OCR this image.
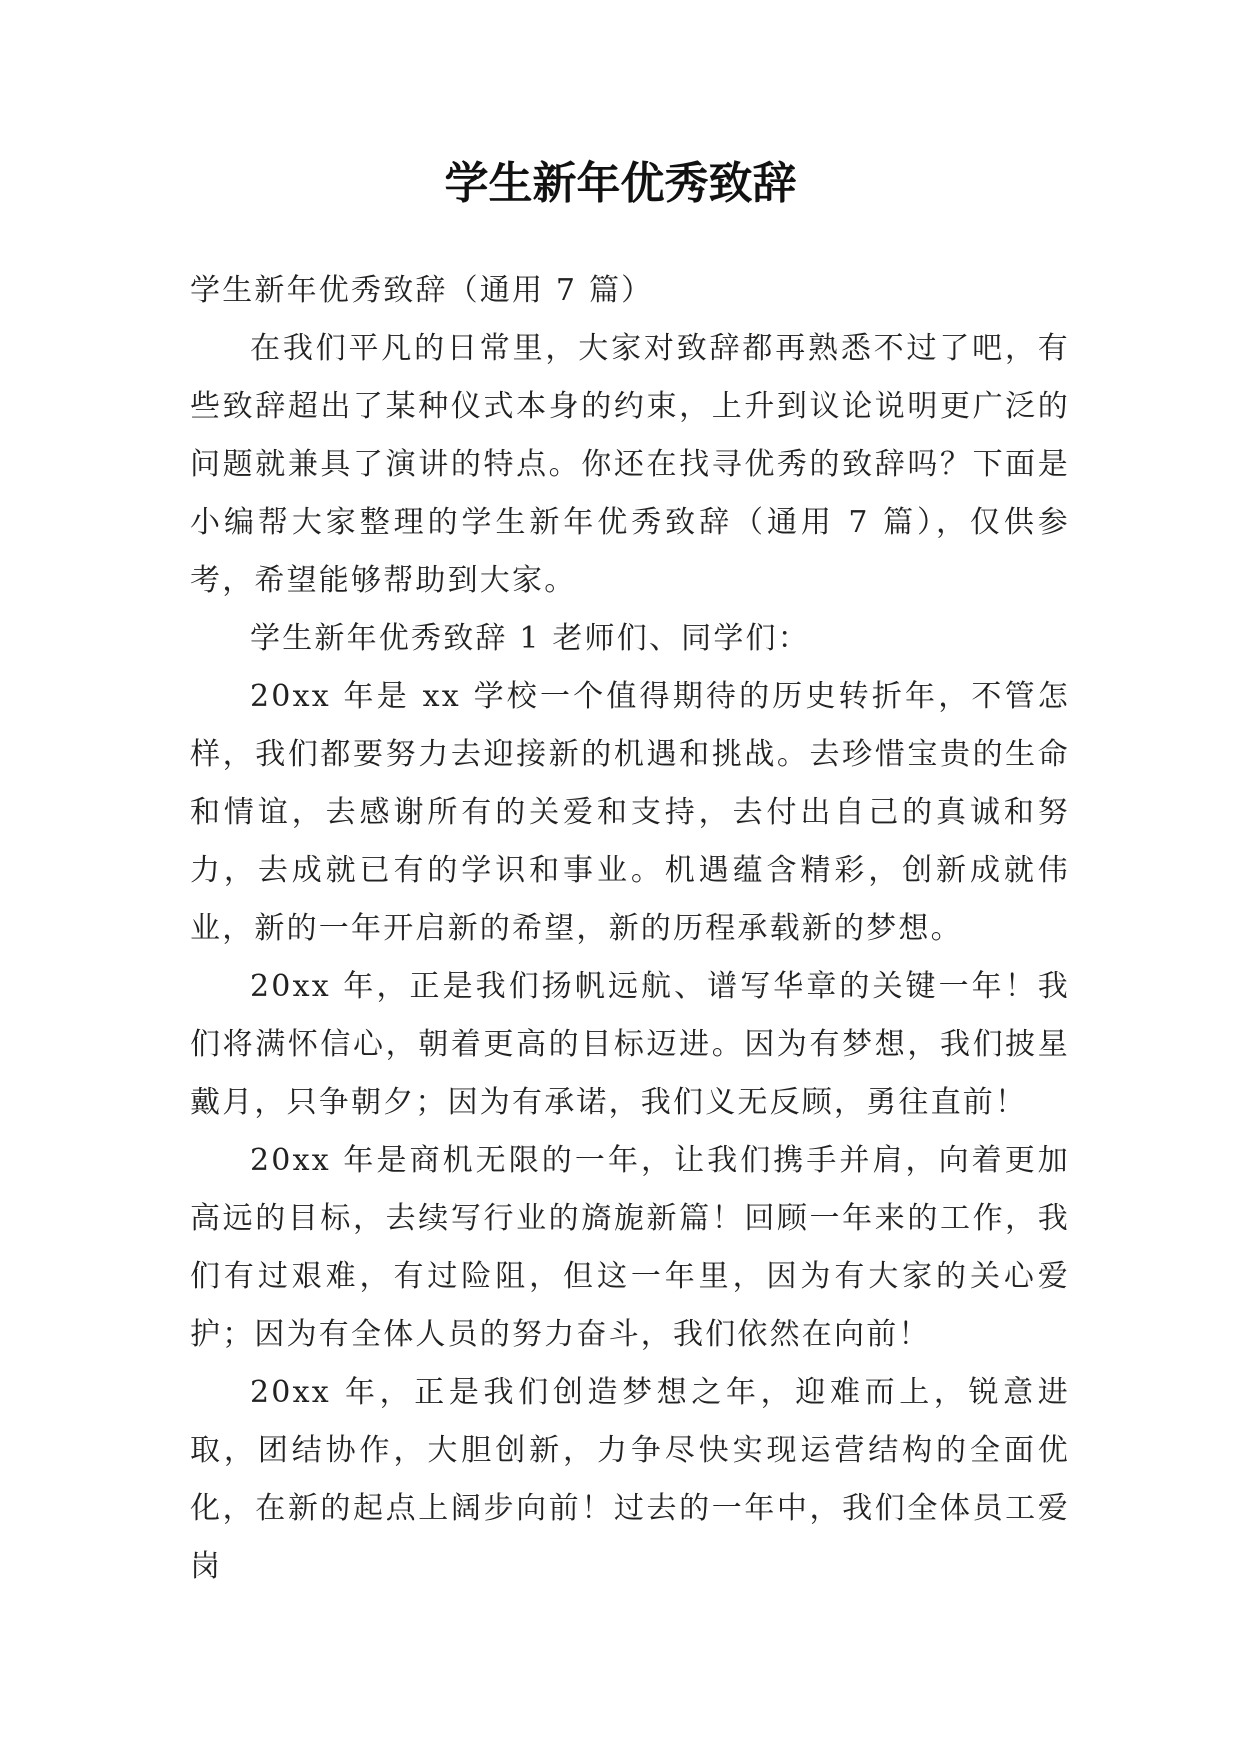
学生新年优秀致辞

学生新年优秀致辞（通用 7 篇）

在我们平凡的日常里，大家对致辞都再熟悉不过了吧，有些致辞超出了某种仪式本身的约束，上升到议论说明更广泛的问题就兼具了演讲的特点。你还在找寻优秀的致辞吗？下面是小编帮大家整理的学生新年优秀致辞（通用 7 篇），仅供参考，希望能够帮助到大家。

学生新年优秀致辞 1 老师们、同学们：

20xx 年是 xx 学校一个值得期待的历史转折年，不管怎样，我们都要努力去迎接新的机遇和挑战。去珍惜宝贵的生命和情谊，去感谢所有的关爱和支持，去付出自己的真诚和努力，去成就已有的学识和事业。机遇蕴含精彩，创新成就伟业，新的一年开启新的希望，新的历程承载新的梦想。

20xx 年，正是我们扬帆远航、谱写华章的关键一年！我们将满怀信心，朝着更高的目标迈进。因为有梦想，我们披星戴月，只争朝夕；因为有承诺，我们义无反顾，勇往直前！

20xx 年是商机无限的一年，让我们携手并肩，向着更加高远的目标，去续写行业的旖旎新篇！回顾一年来的工作，我们有过艰难，有过险阻，但这一年里，因为有大家的关心爱护；因为有全体人员的努力奋斗，我们依然在向前！

20xx 年，正是我们创造梦想之年，迎难而上，锐意进取，团结协作，大胆创新，力争尽快实现运营结构的全面优化，在新的起点上阔步向前！过去的一年中，我们全体员工爱岗
